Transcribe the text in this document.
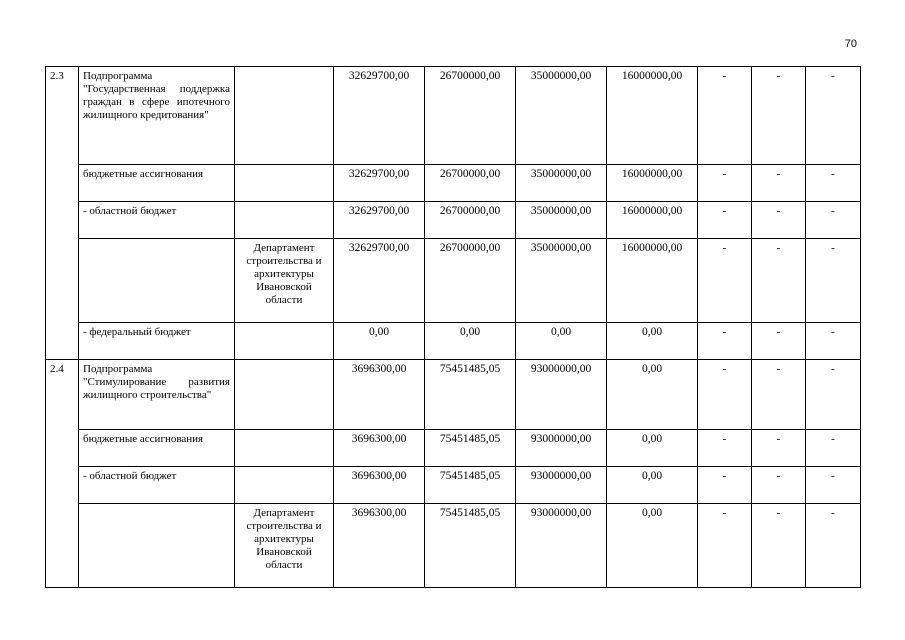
70
2.3	Подпрограмма "Государственная поддержка граждан в сфере ипотечного жилищного кредитования"		32629700,00	26700000,00	35000000,00	16000000,00	-	-	-
	бюджетные ассигнования		32629700,00	26700000,00	35000000,00	16000000,00	-	-	-
	- областной бюджет		32629700,00	26700000,00	35000000,00	16000000,00	-	-	-
		Департамент строительства и архитектуры Ивановской области	32629700,00	26700000,00	35000000,00	16000000,00	-	-	-
	- федеральный бюджет		0,00	0,00	0,00	0,00	-	-	-
2.4	Подпрограмма "Стимулирование развития жилищного строительства"		3696300,00	75451485,05	93000000,00	0,00	-	-	-
	бюджетные ассигнования		3696300,00	75451485,05	93000000,00	0,00	-	-	-
	- областной бюджет		3696300,00	75451485,05	93000000,00	0,00	-	-	-
		Департамент строительства и архитектуры Ивановской области	3696300,00	75451485,05	93000000,00	0,00	-	-	-
